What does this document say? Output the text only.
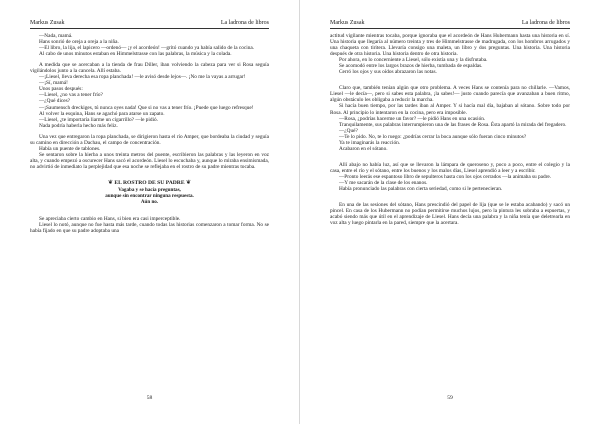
Markus Zusak	La ladrona de libros

—Nada, mamá.

Hans sonrió de oreja a oreja a la niña.

—El libro, la lija, el lapicero —ordenó— ¡y el acordeón! —gritó cuando ya había salido de la cocina.

Al cabo de unos minutos estaban en Himmelstrasse con las palabras, la música y la colada.

A medida que se acercaban a la tienda de frau Diller, iban volviendo la cabeza para ver si Rosa seguía vigilándolos junto a la cancela. Allí estaba.

—¡Liesel, lleva derecha esa ropa planchada! —le avisó desde lejos—. ¡No me la vayas a arrugar!

—¡Sí, mamá!

Unos pasos después:

—Liesel, ¿no vas a tener frío?

—¿Qué dices?

—¡Saumensch dreckiges, tú nunca oyes nada! Que si no vas a tener frío. ¡Puede que luego refresque!

Al volver la esquina, Hans se agachó para atarse un zapato.

—Liesel, ¿te importaría liarme un cigarrillo? —le pidió.

Nada podría haberla hecho más feliz.

Una vez que entregaron la ropa planchada, se dirigieron hasta el río Amper, que bordeaba la ciudad y seguía su camino en dirección a Dachau, el campo de concentración.

Había un puente de tablones.

Se sentaron sobre la hierba a unos treinta metros del puente, escribieron las palabras y las leyeron en voz alta, y cuando empezó a oscurecer Hans sacó el acordeón. Liesel lo escuchaba y, aunque lo miraba ensimismada, no advirtió de inmediato la perplejidad que esa noche se reflejaba en el rostro de su padre mientras tocaba.

❦ EL ROSTRO DE SU PADRE ❦
Vagaba y se hacía preguntas,
aunque sin encontrar ninguna respuesta.
Aún no.

Se apreciaba cierto cambio en Hans, si bien era casi imperceptible.

Liesel lo notó, aunque no fue hasta más tarde, cuando todas las historias comenzaron a tomar forma. No se había fijado en que su padre adoptaba una

58
Markus Zusak	La ladrona de libros

actitud vigilante mientras tocaba, porque ignoraba que el acordeón de Hans Hubermann hasta una historia en sí. Una historia que llegaría al número treinta y tres de Himmelstrasse de madrugada, con los hombros arrugados y una chaqueta con tiritera. Llevaría consigo una maleta, un libro y dos preguntas. Una historia. Una historia después de otra historia. Una historia dentro de otra historia.

Por ahora, en lo concerniente a Liesel, sólo existía una y la disfrutaba.

Se acomodó entre los largos brazos de hierba, tumbada de espaldas.

Cerró los ojos y sus oídos abrazaron las notas.

Claro que, también tenían algún que otro problema. A veces Hans se contenía para no chillarle. —Vamos, Liesel —le decía—, pero si sabes esta palabra, ¡la sabes!— justo cuando parecía que avanzaban a buen ritmo, algún obstáculo les obligaba a reducir la marcha.

Si hacía buen tiempo, por las tardes iban al Amper. Y si hacía mal día, bajaban al sótano. Sobre todo por Rosa. Al principio lo intentaron en la cocina, pero era imposible.

—Rosa, ¿podrías hacerme un favor? —le pidió Hans en una ocasión.

Tranquilamente, sus palabras interrumpieron una de las frases de Rosa. Ésta apartó la mirada del fregadero.

—¿Qué?

—Te lo pido. No, te lo ruego: ¿podrías cerrar la boca aunque sólo fueran cinco minutos?

Ya te imaginarás la reacción.

Acabaron en el sótano.

Allí abajo no había luz, así que se llevaron la lámpara de queroseno y, poco a poco, entre el colegio y la casa, entre el río y el sótano, entre los buenos y los malos días, Liesel aprendió a leer y a escribir.

—Pronto leerás ese espantoso libro de sepulteros hasta con los ojos cerrados —la animaba su padre.

—Y me sacarán de la clase de los enanos.

Había pronunciado las palabras con cierta seriedad, como si le pertenecieran.

En una de las sesiones del sótano, Hans prescindió del papel de lija (que se le estaba acabando) y sacó un pincel. En casa de los Hubermann no podían permitirse muchos lujos, pero la pintura les sobraba a espuertas, y acabó siendo más que útil en el aprendizaje de Liesel. Hans decía una palabra y la niña tenía que deletrearla en voz alta y luego pintarla en la pared, siempre que la acertara.

59
